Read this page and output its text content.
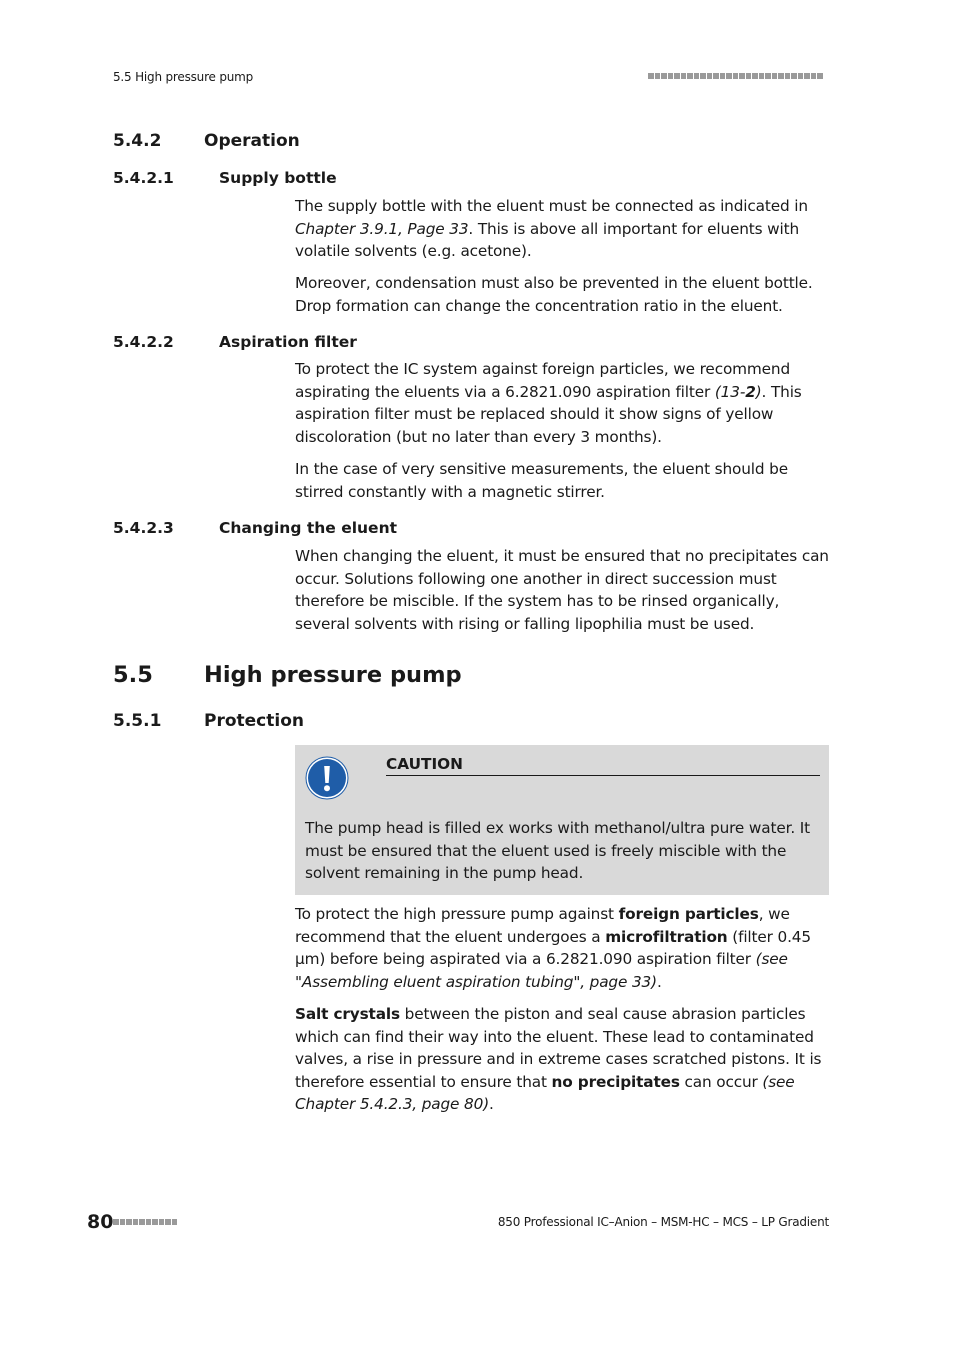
5.5 High pressure pump
5.4.2	Operation
5.4.2.1	Supply bottle

The supply bottle with the eluent must be connected as indicated in Chapter 3.9.1, Page 33. This is above all important for eluents with volatile solvents (e.g. acetone).

Moreover, condensation must also be prevented in the eluent bottle. Drop formation can change the concentration ratio in the eluent.

5.4.2.2	Aspiration filter

To protect the IC system against foreign particles, we recommend aspirating the eluents via a 6.2821.090 aspiration filter (13-2). This aspiration filter must be replaced should it show signs of yellow discoloration (but no later than every 3 months).

In the case of very sensitive measurements, the eluent should be stirred constantly with a magnetic stirrer.

5.4.2.3	Changing the eluent

When changing the eluent, it must be ensured that no precipitates can occur. Solutions following one another in direct succession must therefore be miscible. If the system has to be rinsed organically, several solvents with rising or falling lipophilia must be used.

5.5 High pressure pump
5.5.1	Protection
CAUTION

The pump head is filled ex works with methanol/ultra pure water. It must be ensured that the eluent used is freely miscible with the solvent remaining in the pump head.

To protect the high pressure pump against foreign particles, we recommend that the eluent undergoes a microfiltration (filter 0.45 µm) before being aspirated via a 6.2821.090 aspiration filter (see "Assembling eluent aspiration tubing", page 33).

Salt crystals between the piston and seal cause abrasion particles which can find their way into the eluent. These lead to contaminated valves, a rise in pressure and in extreme cases scratched pistons. It is therefore essential to ensure that no precipitates can occur (see Chapter 5.4.2.3, page 80).

80	850 Professional IC–Anion – MSM-HC – MCS – LP Gradient
